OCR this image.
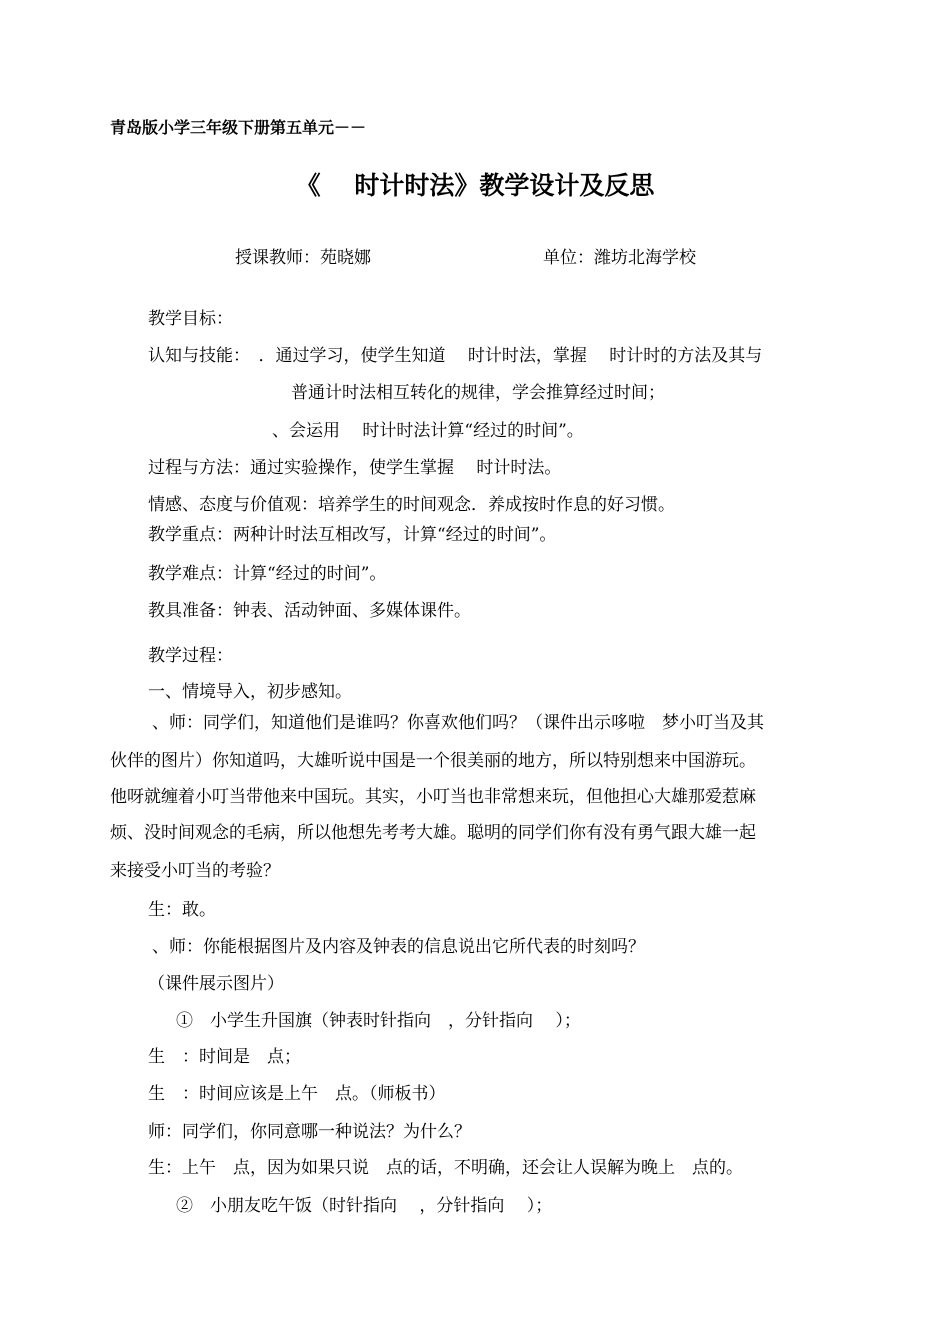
青岛版小学三年级下册第五单元－－
《　 时计时法》教学设计及反思
授课教师：苑晓娜	单位：潍坊北海学校
教学目标：
认知与技能：　．通过学习，使学生知道　 时计时法，掌握　 时计时的方法及其与
普通计时法相互转化的规律，学会推算经过时间；
、会运用　 时计时法计算“经过的时间”。
过程与方法：通过实验操作，使学生掌握　 时计时法。
情感、态度与价值观：培养学生的时间观念．养成按时作息的好习惯。
教学重点：两种计时法互相改写，计算“经过的时间”。
教学难点：计算“经过的时间”。
教具准备：钟表、活动钟面、多媒体课件。
教学过程：
一、情境导入，初步感知。
、师：同学们，知道他们是谁吗？你喜欢他们吗？（课件出示哆啦　梦小叮当及其
伙伴的图片）你知道吗，大雄听说中国是一个很美丽的地方，所以特别想来中国游玩。
他呀就缠着小叮当带他来中国玩。其实，小叮当也非常想来玩，但他担心大雄那爱惹麻
烦、没时间观念的毛病，所以他想先考考大雄。聪明的同学们你有没有勇气跟大雄一起
来接受小叮当的考验？
生：敢。
、师：你能根据图片及内容及钟表的信息说出它所代表的时刻吗？
（课件展示图片）
①　小学生升国旗（钟表时针指向　，分针指向　 ）；
生　：时间是　点；
生　：时间应该是上午　点。（师板书）
师：同学们，你同意哪一种说法？为什么？
生：上午　点，因为如果只说　点的话，不明确，还会让人误解为晚上　点的。
②　小朋友吃午饭（时针指向　 ，分针指向　 ）；
